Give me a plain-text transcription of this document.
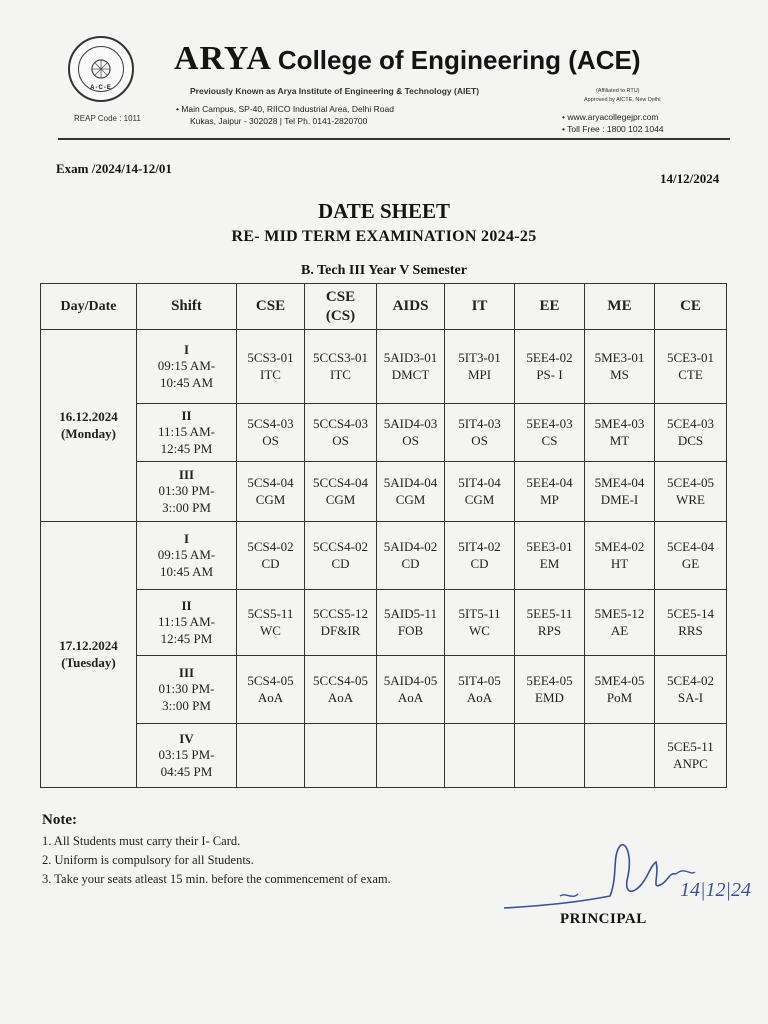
A-C-E
REAP Code : 1011
ARYA College of Engineering (ACE)
Previously Known as Arya Institute of Engineering & Technology (AIET)	(Affiliated to RTU)
Approved by AICTE, New Delhi
• Main Campus, SP-40, RIICO Industrial Area, Delhi Road
Kukas, Jaipur - 302028 | Tel Ph. 0141-2820700	• www.aryacollegejpr.com
• Toll Free : 1800 102 1044
Exam /2024/14-12/01
14/12/2024
DATE SHEET
RE- MID TERM EXAMINATION 2024-25
B. Tech III Year V Semester
Day/Date	Shift	CSE	CSE
(CS)	AIDS	IT	EE	ME	CE

16.12.2024
(Monday)	I
09:15 AM-
10:45 AM	5CS3-01
ITC	5CCS3-01
ITC	5AID3-01
DMCT	5IT3-01
MPI	5EE4-02
PS- I	5ME3-01
MS	5CE3-01
CTE

	II
11:15 AM-
12:45 PM	5CS4-03
OS	5CCS4-03
OS	5AID4-03
OS	5IT4-03
OS	5EE4-03
CS	5ME4-03
MT	5CE4-03
DCS

	III
01:30 PM-
3::00 PM	5CS4-04
CGM	5CCS4-04
CGM	5AID4-04
CGM	5IT4-04
CGM	5EE4-04
MP	5ME4-04
DME-I	5CE4-05
WRE

17.12.2024
(Tuesday)	I
09:15 AM-
10:45 AM	5CS4-02
CD	5CCS4-02
CD	5AID4-02
CD	5IT4-02
CD	5EE3-01
EM	5ME4-02
HT	5CE4-04
GE

	II
11:15 AM-
12:45 PM	5CS5-11
WC	5CCS5-12
DF&IR	5AID5-11
FOB	5IT5-11
WC	5EE5-11
RPS	5ME5-12
AE	5CE5-14
RRS

	III
01:30 PM-
3::00 PM	5CS4-05
AoA	5CCS4-05
AoA	5AID4-05
AoA	5IT4-05
AoA	5EE4-05
EMD	5ME4-05
PoM	5CE4-02
SA-I

	IV
03:15 PM-
04:45 PM							5CE5-11
ANPC
Note:
1. All Students must carry their I- Card.
2. Uniform is compulsory for all Students.
3. Take your seats atleast 15 min. before the commencement of exam.	14|12|24
PRINCIPAL
